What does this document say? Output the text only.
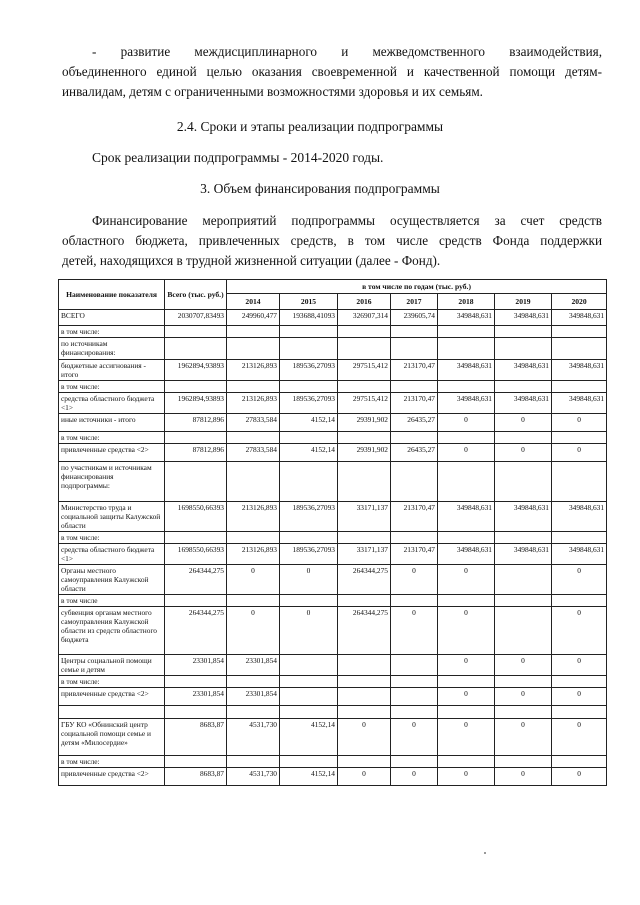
- развитие междисциплинарного и межведомственного взаимодействия,
объединенного единой целью оказания своевременной и качественной помощи детям-
инвалидам, детям с ограниченными возможностями здоровья и их семьям.
2.4. Сроки и этапы реализации подпрограммы
Срок реализации подпрограммы - 2014-2020 годы.
3. Объем финансирования подпрограммы
Финансирование мероприятий подпрограммы осуществляется за счет средств
областного бюджета, привлеченных средств, в том числе средств Фонда поддержки
детей, находящихся в трудной жизненной ситуации (далее - Фонд).
Наименование показателя	Всего (тыс. руб.)	в том числе по годам (тыс. руб.)						
		2014	2015	2016	2017	2018	2019	2020
ВСЕГО	2030707,83493	249960,477	193688,41093	326907,314	239605,74	349848,631	349848,631	349848,631
в том числе:								
по источникам финансирования:								
бюджетные ассигнования - итого	1962894,93893	213126,893	189536,27093	297515,412	213170,47	349848,631	349848,631	349848,631
в том числе:								
средства областного бюджета <1>	1962894,93893	213126,893	189536,27093	297515,412	213170,47	349848,631	349848,631	349848,631
иные источники - итого	87812,896	27833,584	4152,14	29391,902	26435,27	0	0	0
в том числе:								
привлеченные средства <2>	87812,896	27833,584	4152,14	29391,902	26435,27	0	0	0
по участникам и источникам финансирования подпрограммы:								
Министерство труда и социальной защиты Калужской области	1698550,66393	213126,893	189536,27093	33171,137	213170,47	349848,631	349848,631	349848,631
в том числе:								
средства областного бюджета <1>	1698550,66393	213126,893	189536,27093	33171,137	213170,47	349848,631	349848,631	349848,631
Органы местного самоуправления Калужской области	264344,275	0	0	264344,275	0	0		0
в том числе								
субвенция органам местного самоуправления Калужской области из средств областного бюджета	264344,275	0	0	264344,275	0	0		0
Центры социальной помощи семье и детям	23301,854	23301,854				0	0	0
в том числе:								
привлеченные средства <2>	23301,854	23301,854				0	0	0

ГБУ КО «Обнинский центр социальной помощи семье и детям «Милосердие»	8683,87	4531,730	4152,14	0	0	0	0	0
в том числе:								
привлеченные средства <2>	8683,87	4531,730	4152,14	0	0	0	0	0
